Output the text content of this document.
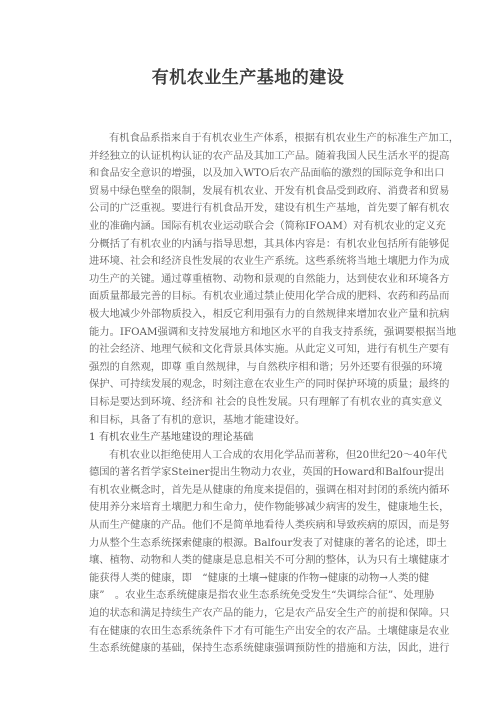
有机农业生产基地的建设
有机食品系指来自于有机农业生产体系，根据有机农业生产的标准生产加工，
并经独立的认证机构认证的农产品及其加工产品。随着我国人民生活水平的提高
和食品安全意识的增强，以及加入WTO后农产品面临的激烈的国际竞争和出口
贸易中绿色壁垒的限制，发展有机农业、开发有机食品受到政府、消费者和贸易
公司的广泛重视。要进行有机食品开发，建设有机生产基地，首先要了解有机农
业的准确内涵。国际有机农业运动联合会（简称IFOAM）对有机农业的定义充
分概括了有机农业的内涵与指导思想，其具体内容是：有机农业包括所有能够促
进环境、社会和经济良性发展的农业生产系统。这些系统将当地土壤肥力作为成
功生产的关键。通过尊重植物、动物和景观的自然能力，达到使农业和环境各方
面质量都最完善的目标。有机农业通过禁止使用化学合成的肥料、农药和药品而
极大地减少外部物质投入，相反它利用强有力的自然规律来增加农业产量和抗病
能力。IFOAM强调和支持发展地方和地区水平的自我支持系统，强调要根据当地
的社会经济、地理气候和文化背景具体实施。从此定义可知，进行有机生产要有
强烈的自然观，即尊 重自然规律，与自然秩序相和谐；另外还要有很强的环境
保护、可持续发展的观念，时刻注意在农业生产的同时保护环境的质量；最终的
目标是要达到环境、经济和 社会的良性发展。只有理解了有机农业的真实意义
和目标，具备了有机的意识，基地才能建设好。
1 有机农业生产基地建设的理论基础
有机农业以拒绝使用人工合成的农用化学品而著称，但20世纪20～40年代
德国的著名哲学家Steiner提出生物动力农业，英国的Howard和Balfour提出
有机农业概念时，首先是从健康的角度来提倡的，强调在相对封闭的系统内循环
使用养分来培育土壤肥力和生命力，使作物能够减少病害的发生，健康地生长，
从而生产健康的产品。他们不是简单地看待人类疾病和导致疾病的原因，而是努
力从整个生态系统探索健康的根源。Balfour发表了对健康的著名的论述，即土
壤、植物、动物和人类的健康是息息相关不可分割的整体，认为只有土壤健康才
能获得人类的健康，即　“健康的土壤→健康的作物→健康的动物→人类的健
康”　。农业生态系统健康是指农业生态系统免受发生“失调综合征”、处理胁
迫的状态和满足持续生产农产品的能力，它是农产品安全生产的前提和保障。只
有在健康的农田生态系统条件下才有可能生产出安全的农产品。土壤健康是农业
生态系统健康的基础，保持生态系统健康强调预防性的措施和方法，因此，进行
